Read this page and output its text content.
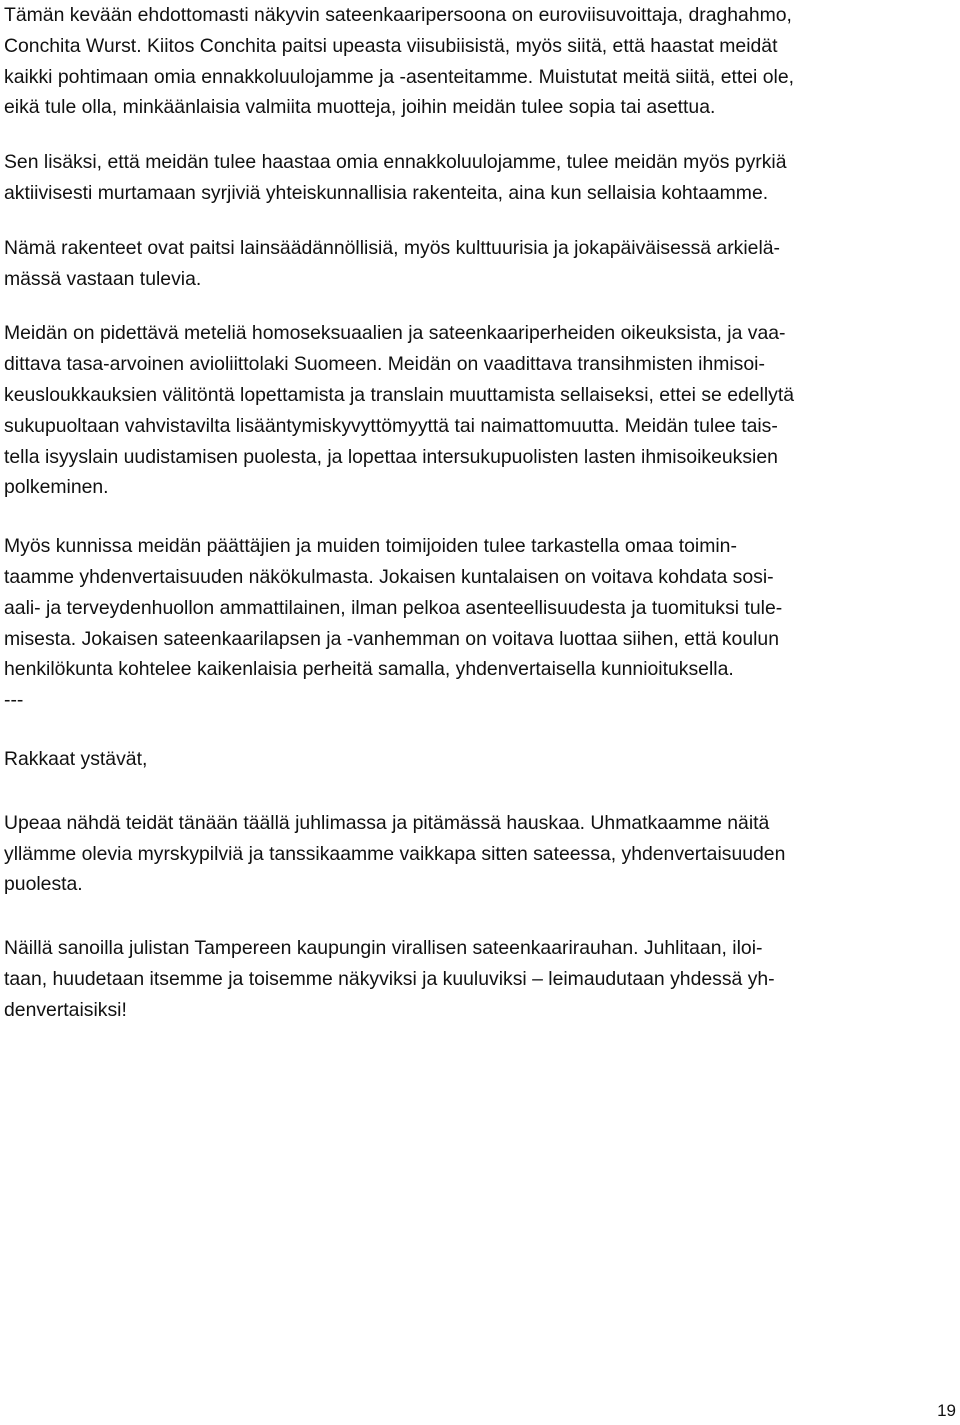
Tämän kevään ehdottomasti näkyvin sateenkaaripersoona on euroviisuvoittaja, draghahmo,
Conchita Wurst. Kiitos Conchita paitsi upeasta viisubiisistä, myös siitä, että haastat meidät
kaikki pohtimaan omia ennakkoluulojamme ja -asenteitamme. Muistutat meitä siitä, ettei ole,
eikä tule olla, minkäänlaisia valmiita muotteja, joihin meidän tulee sopia tai asettua.

Sen lisäksi, että meidän tulee haastaa omia ennakkoluulojamme, tulee meidän myös pyrkiä
aktiivisesti murtamaan syrjiviä yhteiskunnallisia rakenteita, aina kun sellaisia kohtaamme.

Nämä rakenteet ovat paitsi lainsäädännöllisiä, myös kulttuurisia ja jokapäiväisessä arkielä-
mässä vastaan tulevia.

Meidän on pidettävä meteliä homoseksuaalien ja sateenkaariperheiden oikeuksista, ja vaa-
dittava tasa-arvoinen avioliittolaki Suomeen. Meidän on vaadittava transihmisten ihmisoi-
keusloukkauksien välitöntä lopettamista ja translain muuttamista sellaiseksi, ettei se edellytä
sukupuoltaan vahvistavilta lisääntymiskyvyttömyyttä tai naimattomuutta. Meidän tulee tais-
tella isyyslain uudistamisen puolesta, ja lopettaa intersukupuolisten lasten ihmisoikeuksien
polkeminen.

Myös kunnissa meidän päättäjien ja muiden toimijoiden tulee tarkastella omaa toimin-
taamme yhdenvertaisuuden näkökulmasta. Jokaisen kuntalaisen on voitava kohdata sosi-
aali- ja terveydenhuollon ammattilainen, ilman pelkoa asenteellisuudesta ja tuomituksi tule-
misesta. Jokaisen sateenkaarilapsen ja -vanhemman on voitava luottaa siihen, että koulun
henkilökunta kohtelee kaikenlaisia perheitä samalla, yhdenvertaisella kunnioituksella.
---

Rakkaat ystävät,

Upeaa nähdä teidät tänään täällä juhlimassa ja pitämässä hauskaa. Uhmatkaamme näitä
yllämme olevia myrskypilviä ja tanssikaamme vaikkapa sitten sateessa, yhdenvertaisuuden
puolesta.

Näillä sanoilla julistan Tampereen kaupungin virallisen sateenkaarirauhan. Juhlitaan, iloi-
taan, huudetaan itsemme ja toisemme näkyviksi ja kuuluviksi – leimaudutaan yhdessä yh-
denvertaisiksi!

19
